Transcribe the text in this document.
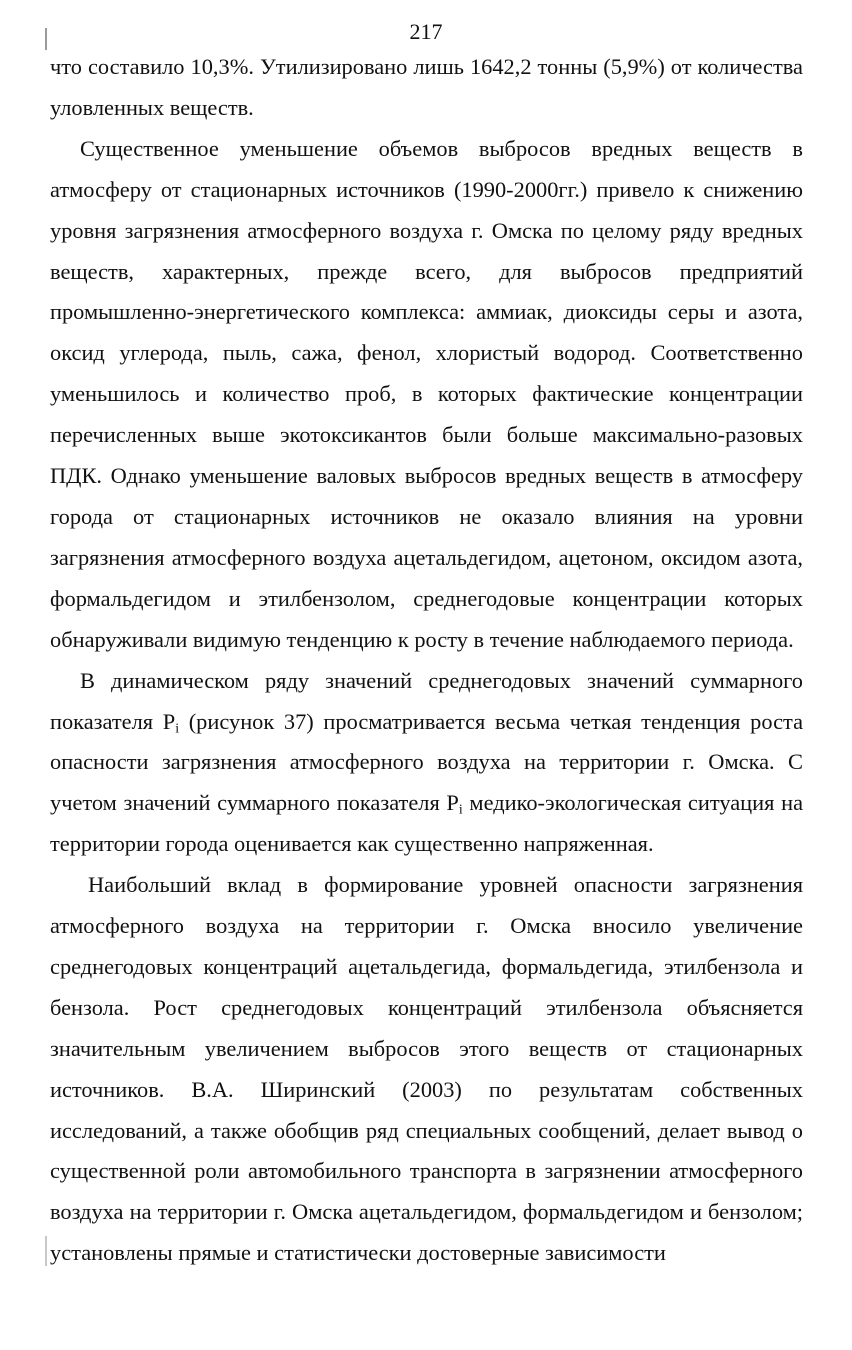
217

что составило 10,3%. Утилизировано лишь 1642,2 тонны (5,9%) от количества уловленных веществ.

Существенное уменьшение объемов выбросов вредных веществ в атмосферу от стационарных источников (1990-2000гг.) привело к снижению уровня загрязнения атмосферного воздуха г. Омска по целому ряду вредных веществ, характерных, прежде всего, для выбросов предприятий промышленно-энергетического комплекса: аммиак, диоксиды серы и азота, оксид углерода, пыль, сажа, фенол, хлористый водород. Соответственно уменьшилось и количество проб, в которых фактические концентрации перечисленных выше экотоксикантов были больше максимально-разовых ПДК. Однако уменьшение валовых выбросов вредных веществ в атмосферу города от стационарных источников не оказало влияния на уровни загрязнения атмосферного воздуха ацетальдегидом, ацетоном, оксидом азота, формальдегидом и этилбензолом, среднегодовые концентрации которых обнаруживали видимую тенденцию к росту в течение наблюдаемого периода.

В динамическом ряду значений среднегодовых значений суммарного показателя $P_i$ (рисунок 37) просматривается весьма четкая тенденция роста опасности загрязнения атмосферного воздуха на территории г. Омска. С учетом значений суммарного показателя $P_i$ медико-экологическая ситуация на территории города оценивается как существенно напряженная.

Наибольший вклад в формирование уровней опасности загрязнения атмосферного воздуха на территории г. Омска вносило увеличение среднегодовых концентраций ацетальдегида, формальдегида, этилбензола и бензола. Рост среднегодовых концентраций этилбензола объясняется значительным увеличением выбросов этого веществ от стационарных источников. В.А. Ширинский (2003) по результатам собственных исследований, а также обобщив ряд специальных сообщений, делает вывод о существенной роли автомобильного транспорта в загрязнении атмосферного воздуха на территории г. Омска ацетальдегидом, формальдегидом и бензолом; установлены прямые и статистически достоверные зависимости
